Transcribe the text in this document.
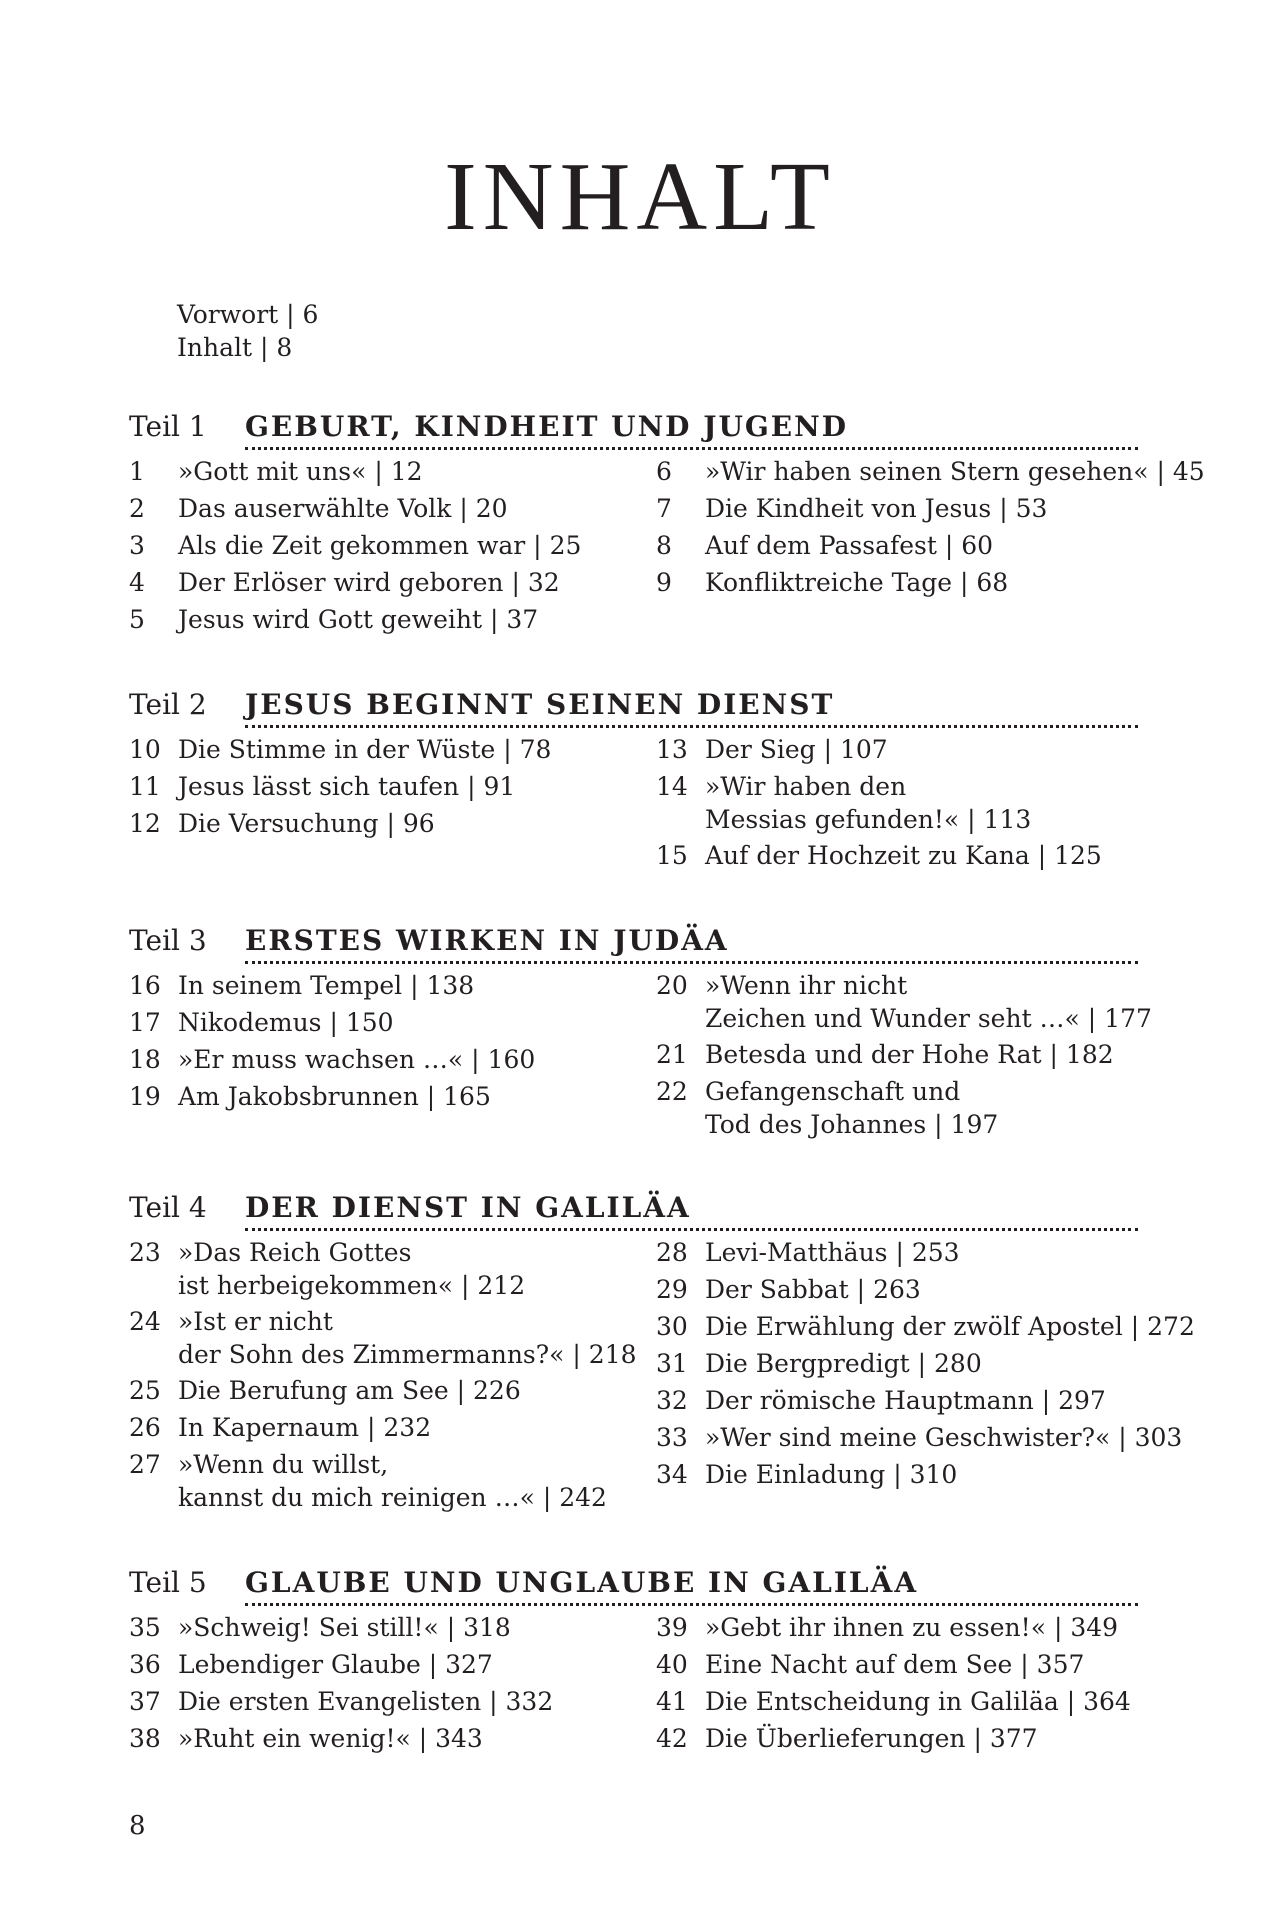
INHALT
Vorwort | 6
Inhalt | 8
Teil 1 GEBURT, KINDHEIT UND JUGEND
1 »Gott mit uns« | 12
2 Das auserwählte Volk | 20
3 Als die Zeit gekommen war | 25
4 Der Erlöser wird geboren | 32
5 Jesus wird Gott geweiht | 37
6 »Wir haben seinen Stern gesehen« | 45
7 Die Kindheit von Jesus | 53
8 Auf dem Passafest | 60
9 Konfliktreiche Tage | 68
Teil 2 JESUS BEGINNT SEINEN DIENST
10 Die Stimme in der Wüste | 78
11 Jesus lässt sich taufen | 91
12 Die Versuchung | 96
13 Der Sieg | 107
14 »Wir haben den
Messias gefunden!« | 113
15 Auf der Hochzeit zu Kana | 125
Teil 3 ERSTES WIRKEN IN JUDÄA
16 In seinem Tempel | 138
17 Nikodemus | 150
18 »Er muss wachsen …« | 160
19 Am Jakobsbrunnen | 165
20 »Wenn ihr nicht
Zeichen und Wunder seht …« | 177
21 Betesda und der Hohe Rat | 182
22 Gefangenschaft und
Tod des Johannes | 197
Teil 4 DER DIENST IN GALILÄA
23 »Das Reich Gottes
ist herbeigekommen« | 212
24 »Ist er nicht
der Sohn des Zimmermanns?« | 218
25 Die Berufung am See | 226
26 In Kapernaum | 232
27 »Wenn du willst,
kannst du mich reinigen …« | 242
28 Levi-Matthäus | 253
29 Der Sabbat | 263
30 Die Erwählung der zwölf Apostel | 272
31 Die Bergpredigt | 280
32 Der römische Hauptmann | 297
33 »Wer sind meine Geschwister?« | 303
34 Die Einladung | 310
Teil 5 GLAUBE UND UNGLAUBE IN GALILÄA
35 »Schweig! Sei still!« | 318
36 Lebendiger Glaube | 327
37 Die ersten Evangelisten | 332
38 »Ruht ein wenig!« | 343
39 »Gebt ihr ihnen zu essen!« | 349
40 Eine Nacht auf dem See | 357
41 Die Entscheidung in Galiläa | 364
42 Die Überlieferungen | 377
8
